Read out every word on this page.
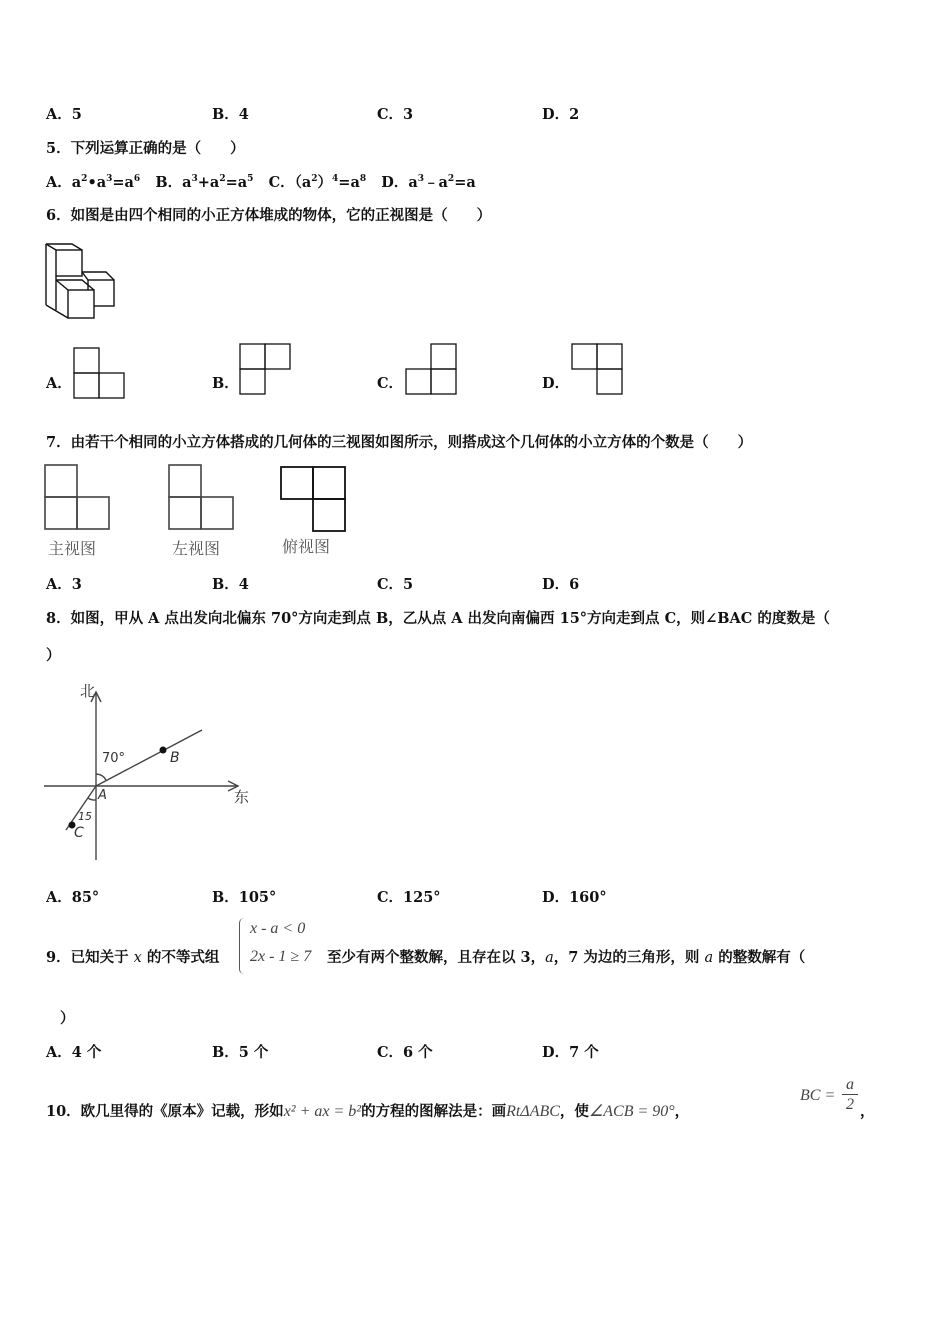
A．5	B．4	C．3	D．2
5．下列运算正确的是（　　）
A．$a^2•a^3=a^6$ B．$a^3+a^2=a^5$ C．$(a^2)^4=a^8$ D．$a^3﹣a^2=a$
6．如图是由四个相同的小正方体堆成的物体，它的正视图是（　　）
A．	B．	C．	D．
7．由若干个相同的小立方体搭成的几何体的三视图如图所示，则搭成这个几何体的小立方体的个数是（　　）
主视图	左视图	俯视图
A．3	B．4	C．5	D．6
8．如图，甲从 A 点出发向北偏东 70°方向走到点 B，乙从点 A 出发向南偏西 15°方向走到点 C，则∠BAC 的度数是（
）
北
东
70°
15
A
B
C
A．85°	B．105°	C．125°	D．160°
9．已知关于 x 的不等式组
x - a < 0
2x - 1 ≥ 7 至少有两个整数解，且存在以 3，a，7 为边的三角形，则 a 的整数解有（
）
A．4 个	B．5 个	C．6 个	D．7 个
10．欧几里得的《原本》记载，形如x² + ax = b²的方程的图解法是：画RtΔABC，使∠ACB = 90°，
BC =
a
2 ，
